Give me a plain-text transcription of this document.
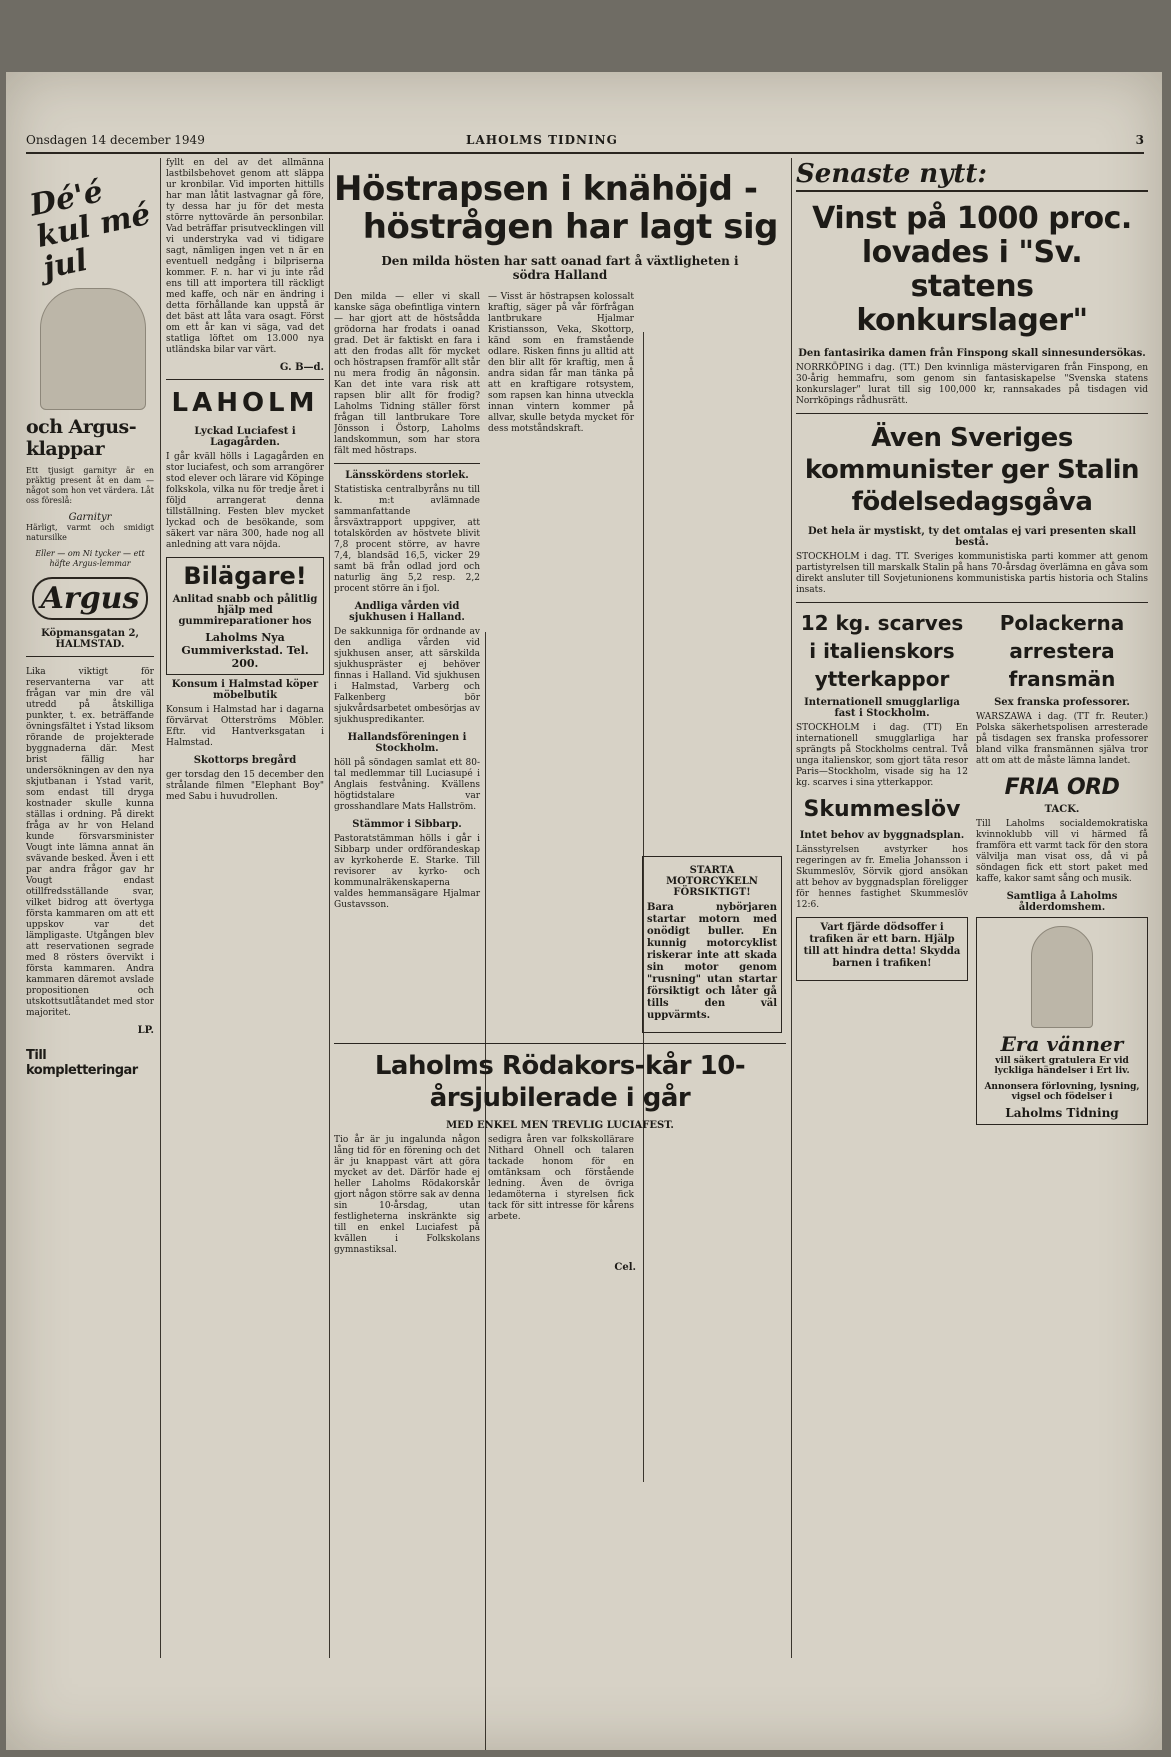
Onsdagen 14 december 1949	LAHOLMS TIDNING	3
Dé'é kul mé jul
och Argus-klappar

Ett tjusigt garnityr är en präktig present åt en dam — något som hon vet värdera. Låt oss föreslå:

Garnityr

Härligt, varmt och smidigt natursilke

Eller — om Ni tycker — ett häfte Argus-lemmar

Argus
Köpmansgatan 2, HALMSTAD.

Lika viktigt för reservanterna var att frågan var min dre väl utredd på åtskilliga punkter, t. ex. beträffande övningsfältet i Ystad liksom rörande de projekterade byggnaderna där. Mest brist fällig har undersökningen av den nya skjutbanan i Ystad varit, som endast till dryga kostnader skulle kunna ställas i ordning. På direkt fråga av hr von Heland kunde försvarsminister Vougt inte lämna annat än svävande besked. Även i ett par andra frågor gav hr Vougt endast otillfredsställande svar, vilket bidrog att övertyga första kammaren om att ett uppskov var det lämpligaste. Utgången blev att reservationen segrade med 8 rösters övervikt i första kammaren. Andra kammaren däremot avslade propositionen och utskottsutlåtandet med stor majoritet.

LP.
Till kompletteringar

fyllt en del av det allmänna lastbilsbehovet genom att släppa ur kronbilar. Vid importen hittills har man låtit lastvagnar gå före, ty dessa har ju för det mesta större nyttovärde än personbilar. Vad beträffar prisutvecklingen vill vi understryka vad vi tidigare sagt, nämligen ingen vet n är en eventuell nedgång i bilpriserna kommer. F. n. har vi ju inte råd ens till att importera till räckligt med kaffe, och när en ändring i detta förhållande kan uppstå är det bäst att låta vara osagt. Först om ett år kan vi säga, vad det statliga löftet om 13.000 nya utländska bilar var värt.

G. B—d.
LAHOLM
Lyckad Luciafest i Lagagården.

I går kväll hölls i Lagagården en stor luciafest, och som arrangörer stod elever och lärare vid Köpinge folkskola, vilka nu för tredje året i följd arrangerat denna tillställning. Festen blev mycket lyckad och de besökande, som säkert var nära 300, hade nog all anledning att vara nöjda.

Bilägare!
Anlitad snabb och pålitlig hjälp med gummireparationer hos
Laholms Nya Gummiverkstad. Tel. 200.
Konsum i Halmstad köper möbelbutik

Konsum i Halmstad har i dagarna förvärvat Otterströms Möbler. Eftr. vid Hantverksgatan i Halmstad.

Skottorps bregård

ger torsdag den 15 december den strålande filmen "Elephant Boy" med Sabu i huvudrollen.

Höstrapsen i knähöjd -
höstrågen har lagt sig
Den milda hösten har satt oanad fart å växtligheten i södra Halland

Den milda — eller vi skall kanske säga obefintliga vintern — har gjort att de höstsådda grödorna har frodats i oanad grad. Det är faktiskt en fara i att den frodas allt för mycket och höstrapsen framför allt står nu mera frodig än någonsin. Kan det inte vara risk att rapsen blir allt för frodig? Laholms Tidning ställer först frågan till lantbrukare Tore Jönsson i Östorp, Laholms landskommun, som har stora fält med höstraps.

Länsskördens storlek.

Statistiska centralbyråns nu till k. m:t avlämnade sammanfattande årsväxtrapport uppgiver, att totalskörden av höstvete blivit 7,8 procent större, av havre 7,4, blandsäd 16,5, vicker 29 samt bä från odlad jord och naturlig äng 5,2 resp. 2,2 procent större än i fjol.

Andliga vården vid sjukhusen i Halland.

De sakkunniga för ordnande av den andliga vården vid sjukhusen anser, att särskilda sjukhuspräster ej behöver finnas i Halland. Vid sjukhusen i Halmstad, Varberg och Falkenberg bör sjukvårdsarbetet ombesörjas av sjukhuspredikanter.

Hallandsföreningen i Stockholm.

höll på söndagen samlat ett 80-tal medlemmar till Luciasupé i Anglais festvåning. Kvällens högtidstalare var grosshandlare Mats Hallström.

Stämmor i Sibbarp.

Pastoratstämman hölls i går i Sibbarp under ordförandeskap av kyrkoherde E. Starke. Till revisorer av kyrko- och kommunalräkenskaperna valdes hemmansägare Hjalmar Gustavsson.

— Visst är höstrapsen kolossalt kraftig, säger på vår förfrågan lantbrukare Hjalmar Kristiansson, Veka, Skottorp, känd som en framstående odlare. Risken finns ju alltid att den blir allt för kraftig, men å andra sidan får man tänka på att en kraftigare rotsystem, som rapsen kan hinna utveckla innan vintern kommer på allvar, skulle betyda mycket för dess motståndskraft.

STARTA MOTORCYKELN FÖRSIKTIGT!

Bara nybörjaren startar motorn med onödigt buller. En kunnig motorcyklist riskerar inte att skada sin motor genom "rusning" utan startar försiktigt och låter gå tills den väl uppvärmts.

Laholms Rödakors-kår 10-årsjubilerade i går
MED ENKEL MEN TREVLIG LUCIAFEST.

Tio år är ju ingalunda någon lång tid för en förening och det är ju knappast värt att göra mycket av det. Därför hade ej heller Laholms Rödakorskår gjort någon större sak av denna sin 10-årsdag, utan festligheterna inskränkte sig till en enkel Luciafest på kvällen i Folkskolans gymnastiksal.

sedigra åren var folkskollärare Nithard Ohnell och talaren tackade honom för en omtänksam och förstående ledning. Även de övriga ledamöterna i styrelsen fick tack för sitt intresse för kårens arbete.

Cel.
Senaste nytt:
Vinst på 1000 proc. lovades i "Sv. statens konkurslager"
Den fantasirika damen från Finspong skall sinnesundersökas.

NORRKÖPING i dag. (TT.) Den kvinnliga mästervigaren från Finspong, en 30-årig hemmafru, som genom sin fantasiskapelse "Svenska statens konkurslager" lurat till sig 100,000 kr, rannsakades på tisdagen vid Norrköpings rådhusrätt.

Även Sveriges kommunister ger Stalin födelsedagsgåva
Det hela är mystiskt, ty det omtalas ej vari presenten skall bestå.

STOCKHOLM i dag. TT. Sveriges kommunistiska parti kommer att genom partistyrelsen till marskalk Stalin på hans 70-årsdag överlämna en gåva som direkt ansluter till Sovjetunionens kommunistiska partis historia och Stalins insats.

12 kg. scarves i italienskors ytterkappor
Internationell smugglarliga fast i Stockholm.

STOCKHOLM i dag. (TT) En internationell smugglarliga har sprängts på Stockholms central. Två unga italienskor, som gjort täta resor Paris—Stockholm, visade sig ha 12 kg. scarves i sina ytterkappor.

Skummeslöv
Intet behov av byggnadsplan.

Länsstyrelsen avstyrker hos regeringen av fr. Emelia Johansson i Skummeslöv, Sörvik gjord ansökan att behov av byggnadsplan föreligger för hennes fastighet Skummeslöv 12:6.

Vart fjärde dödsoffer i trafiken är ett barn. Hjälp till att hindra detta! Skydda barnen i trafiken!

Polackerna arrestera fransmän
Sex franska professorer.

WARSZAWA i dag. (TT fr. Reuter.) Polska säkerhetspolisen arresterade på tisdagen sex franska professorer bland vilka fransmännen själva tror att om att de måste lämna landet.

FRIA ORD
TACK.

Till Laholms socialdemokratiska kvinnoklubb vill vi härmed få framföra ett varmt tack för den stora välvilja man visat oss, då vi på söndagen fick ett stort paket med kaffe, kakor samt sång och musik.

Samtliga å Laholms ålderdomshem.
Era vänner
vill säkert gratulera Er vid lyckliga händelser i Ert liv.
Annonsera förlovning, lysning, vigsel och födelser i
Laholms Tidning
